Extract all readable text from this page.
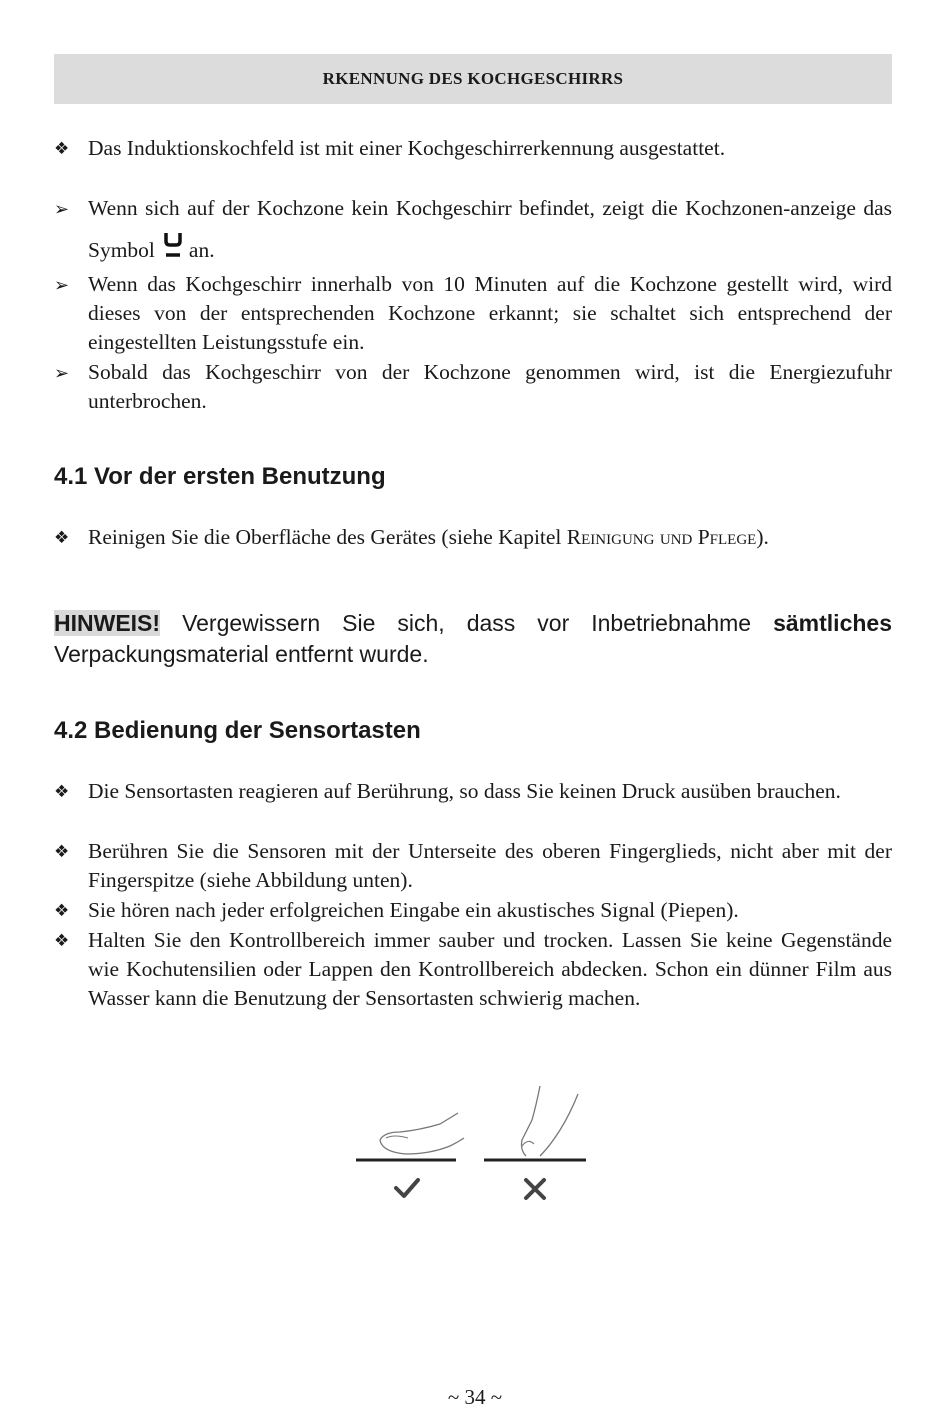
RKENNUNG DES KOCHGESCHIRRS
❖ Das Induktionskochfeld ist mit einer Kochgeschirrerkennung ausgestattet.
➢ Wenn sich auf der Kochzone kein Kochgeschirr befindet, zeigt die Kochzonen-anzeige das Symbol an.
➢ Wenn das Kochgeschirr innerhalb von 10 Minuten auf die Kochzone gestellt wird, wird dieses von der entsprechenden Kochzone erkannt; sie schaltet sich entsprechend der eingestellten Leistungsstufe ein.
➢ Sobald das Kochgeschirr von der Kochzone genommen wird, ist die Energiezufuhr unterbrochen.
4.1 Vor der ersten Benutzung
❖ Reinigen Sie die Oberfläche des Gerätes (siehe Kapitel Reinigung und Pflege).
HINWEIS! Vergewissern Sie sich, dass vor Inbetriebnahme sämtliches Verpackungsmaterial entfernt wurde.
4.2 Bedienung der Sensortasten
❖ Die Sensortasten reagieren auf Berührung, so dass Sie keinen Druck ausüben brauchen.
❖ Berühren Sie die Sensoren mit der Unterseite des oberen Fingerglieds, nicht aber mit der Fingerspitze (siehe Abbildung unten).
❖ Sie hören nach jeder erfolgreichen Eingabe ein akustisches Signal (Piepen).
❖ Halten Sie den Kontrollbereich immer sauber und trocken. Lassen Sie keine Gegenstände wie Kochutensilien oder Lappen den Kontrollbereich abdecken. Schon ein dünner Film aus Wasser kann die Benutzung der Sensortasten schwierig machen.
~ 34 ~
